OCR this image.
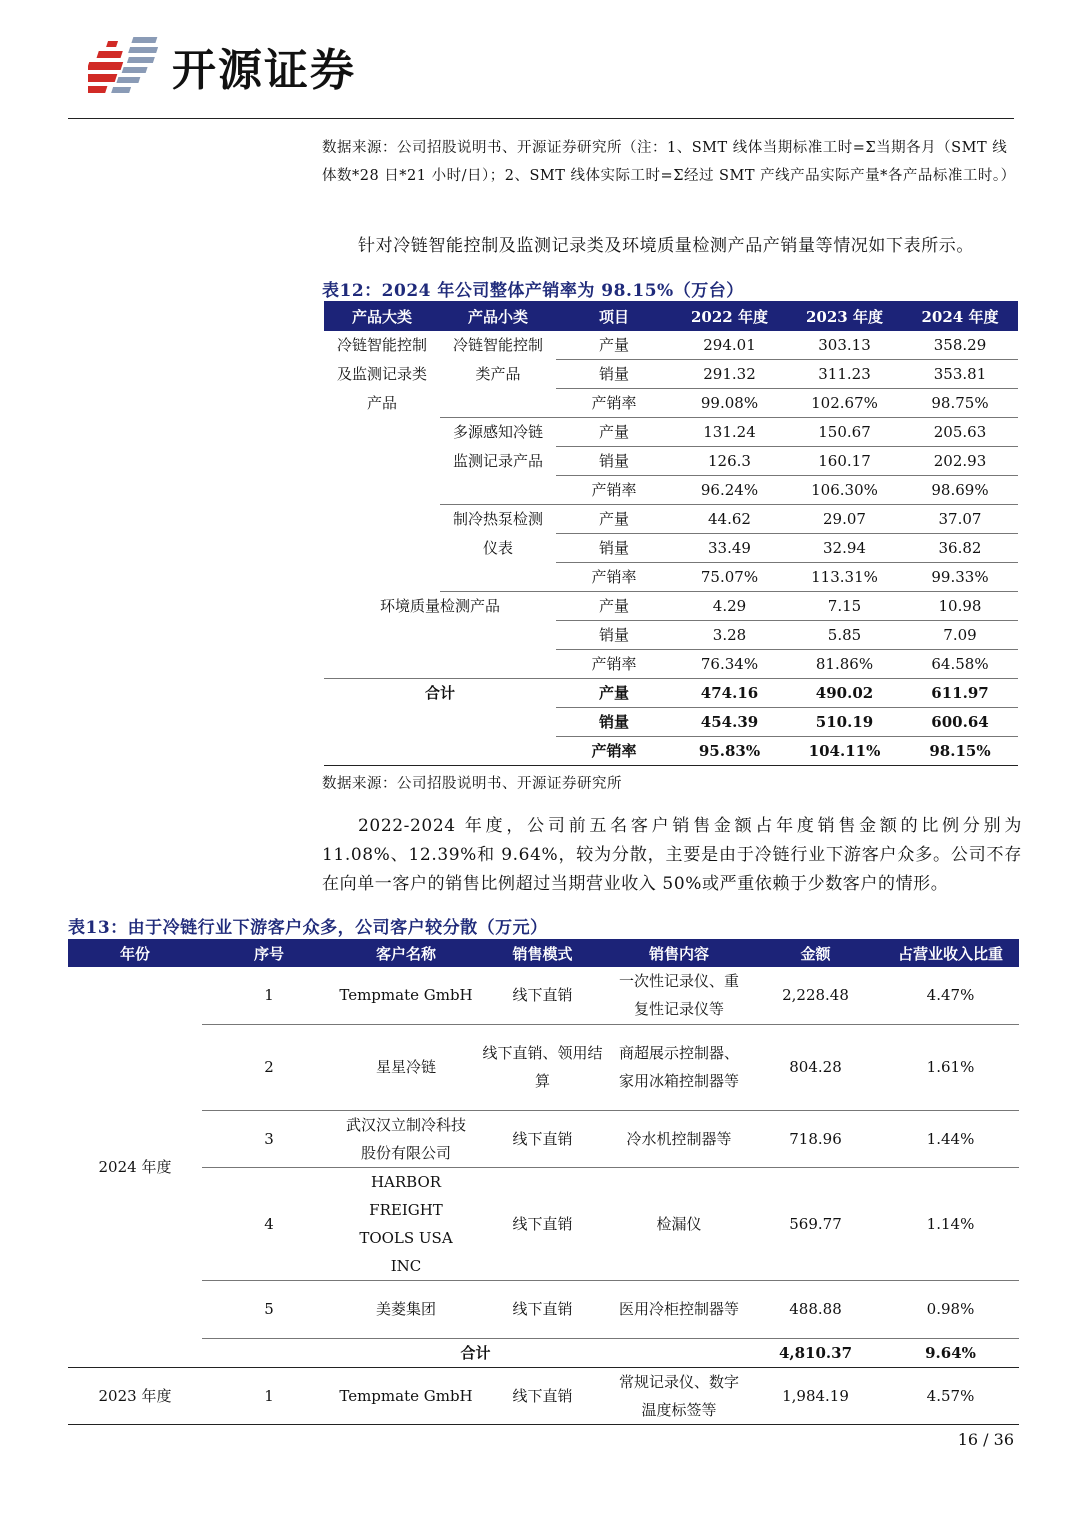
开源证券
数据来源：公司招股说明书、开源证券研究所（注：1、SMT 线体当期标准工时=Σ当期各月（SMT 线体数*28 日*21 小时/日）；2、SMT 线体实际工时=Σ经过 SMT 产线产品实际产量*各产品标准工时。）
针对冷链智能控制及监测记录类及环境质量检测产品产销量等情况如下表所示。
表12：2024 年公司整体产销率为 98.15%（万台）
产品大类	产品小类	项目	2022 年度	2023 年度	2024 年度
冷链智能控制及监测记录类产品	冷链智能控制类产品	产量	294.01	303.13	358.29
		销量	291.32	311.23	353.81
		产销率	99.08%	102.67%	98.75%
	多源感知冷链监测记录产品	产量	131.24	150.67	205.63
		销量	126.3	160.17	202.93
		产销率	96.24%	106.30%	98.69%
	制冷热泵检测仪表	产量	44.62	29.07	37.07
		销量	33.49	32.94	36.82
		产销率	75.07%	113.31%	99.33%
环境质量检测产品		产量	4.29	7.15	10.98
		销量	3.28	5.85	7.09
		产销率	76.34%	81.86%	64.58%
合计		产量	474.16	490.02	611.97
		销量	454.39	510.19	600.64
		产销率	95.83%	104.11%	98.15%
数据来源：公司招股说明书、开源证券研究所
2022-2024 年度，公司前五名客户销售金额占年度销售金额的比例分别为 11.08%、12.39%和 9.64%，较为分散，主要是由于冷链行业下游客户众多。公司不存在向单一客户的销售比例超过当期营业收入 50%或严重依赖于少数客户的情形。
表13：由于冷链行业下游客户众多，公司客户较分散（万元）
年份	序号	客户名称	销售模式	销售内容	金额	占营业收入比重
2024 年度	1	Tempmate GmbH	线下直销	一次性记录仪、重复性记录仪等	2,228.48	4.47%
	2	星星冷链	线下直销、领用结算	商超展示控制器、家用冰箱控制器等	804.28	1.61%
	3	武汉汉立制冷科技股份有限公司	线下直销	冷水机控制器等	718.96	1.44%
	4	HARBOR FREIGHT TOOLS USA INC	线下直销	检漏仪	569.77	1.14%
	5	美菱集团	线下直销	医用冷柜控制器等	488.88	0.98%
	合计				4,810.37	9.64%
2023 年度	1	Tempmate GmbH	线下直销	常规记录仪、数字温度标签等	1,984.19	4.57%
16 / 36
